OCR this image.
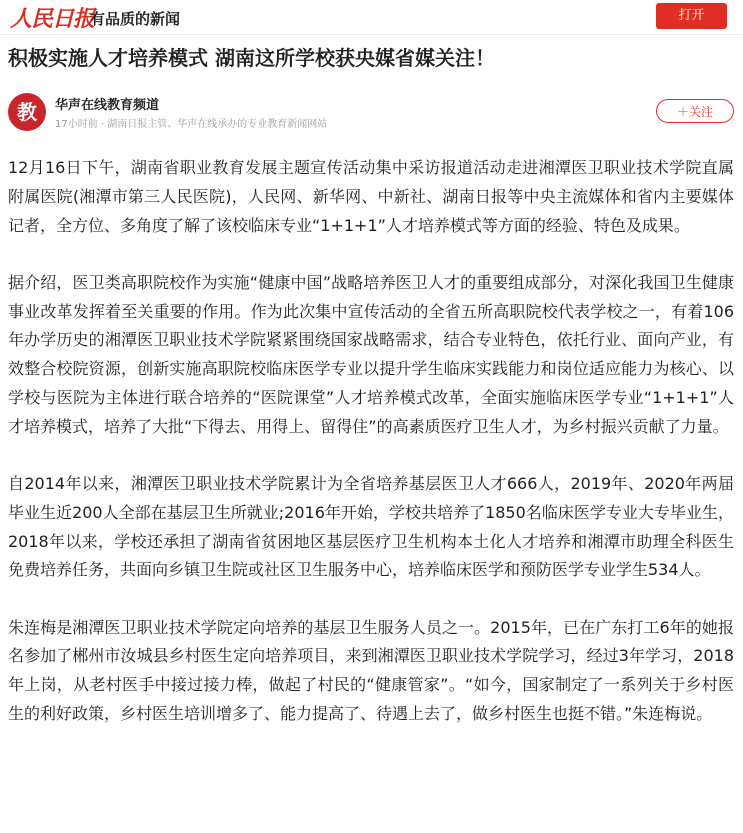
人民日报
有品质的新闻	打开
积极实施人才培养模式 湖南这所学校获央媒省媒关注！
教	华声在线教育频道
17小时前 · 湖南日报主管、华声在线承办的专业教育新闻网站
＋关注

12月16日下午，湖南省职业教育发展主题宣传活动集中采访报道活动走进湘潭医卫职业技术学院直属附属医院(湘潭市第三人民医院)，人民网、新华网、中新社、湖南日报等中央主流媒体和省内主要媒体记者，全方位、多角度了解了该校临床专业“1+1+1”人才培养模式等方面的经验、特色及成果。

据介绍，医卫类高职院校作为实施“健康中国”战略培养医卫人才的重要组成部分，对深化我国卫生健康事业改革发挥着至关重要的作用。作为此次集中宣传活动的全省五所高职院校代表学校之一，有着106年办学历史的湘潭医卫职业技术学院紧紧围绕国家战略需求，结合专业特色，依托行业、面向产业，有效整合校院资源，创新实施高职院校临床医学专业以提升学生临床实践能力和岗位适应能力为核心、以学校与医院为主体进行联合培养的“医院课堂”人才培养模式改革，全面实施临床医学专业“1+1+1”人才培养模式，培养了大批“下得去、用得上、留得住”的高素质医疗卫生人才，为乡村振兴贡献了力量。

自2014年以来，湘潭医卫职业技术学院累计为全省培养基层医卫人才666人，2019年、2020年两届毕业生近200人全部在基层卫生所就业;2016年开始，学校共培养了1850名临床医学专业大专毕业生，2018年以来，学校还承担了湖南省贫困地区基层医疗卫生机构本土化人才培养和湘潭市助理全科医生免费培养任务，共面向乡镇卫生院或社区卫生服务中心，培养临床医学和预防医学专业学生534人。

朱连梅是湘潭医卫职业技术学院定向培养的基层卫生服务人员之一。2015年，已在广东打工6年的她报名参加了郴州市汝城县乡村医生定向培养项目，来到湘潭医卫职业技术学院学习，经过3年学习，2018年上岗，从老村医手中接过接力棒，做起了村民的“健康管家”。“如今，国家制定了一系列关于乡村医生的利好政策，乡村医生培训增多了、能力提高了、待遇上去了，做乡村医生也挺不错。”朱连梅说。
